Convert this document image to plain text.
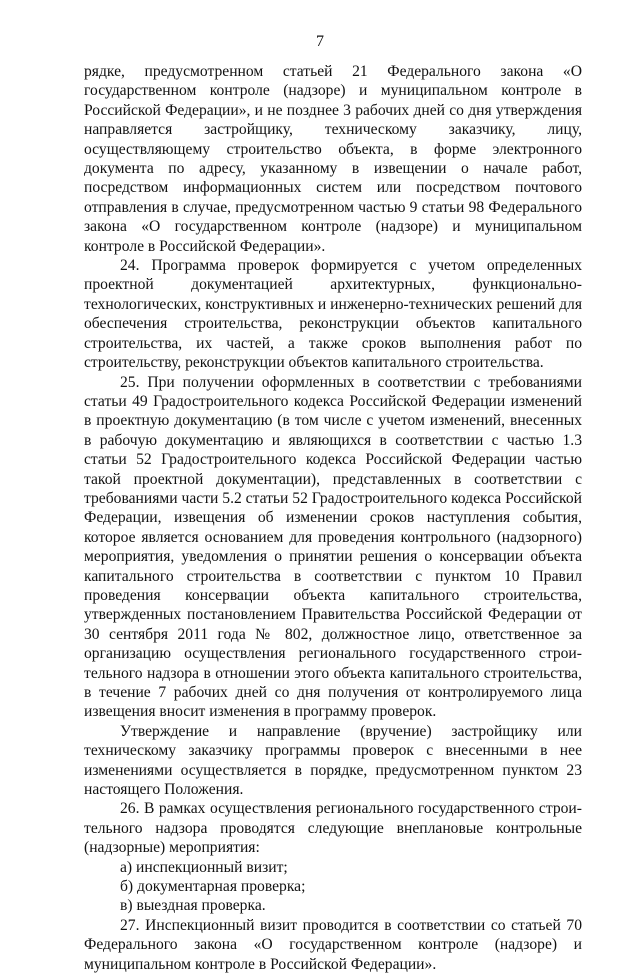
7

рядке, предусмотренном статьей 21 Федерального закона «О государственном контроле (надзоре) и муниципальном контроле в Российской Федерации», и не позднее 3 рабочих дней со дня утверждения направляется застройщику, техническому заказчику, лицу, осуществляющему строительство объекта, в форме электронного документа по адресу, указанному в извещении о начале работ, посредством информационных систем или посредством почтового отправления в случае, предусмотренном частью 9 статьи 98 Федерального закона «О государственном контроле (надзоре) и муниципальном контроле в Российской Федерации».

24. Программа проверок формируется с учетом определенных проектной документацией архитектурных, функционально-технологических, конструктивных и инженерно-технических решений для обеспечения строительства, реконструкции объектов капитального строительства, их частей, а также сроков выполнения работ по строительству, реконструкции объектов капитального строительства.

25. При получении оформленных в соответствии с требованиями статьи 49 Градостроительного кодекса Российской Федерации изменений в проектную документацию (в том числе с учетом изменений, внесенных в рабочую документацию и являющихся в соответствии с частью 1.3 статьи 52 Градостроительного кодекса Российской Федерации частью такой проектной документации), представленных в соответствии с требованиями части 5.2 статьи 52 Градостроительного кодекса Российской Федерации, извещения об изменении сроков наступления события, которое является основанием для проведения контрольного (надзорного) мероприятия, уведомления о принятии решения о консервации объекта капитального строительства в соответствии с пунктом 10 Правил проведения консервации объекта капитального строительства, утвержденных постановлением Правительства Российской Федерации от 30 сентября 2011 года № 802, должностное лицо, ответственное за организацию осуществления регионального государственного строительного надзора в отношении этого объекта капитального строительства, в течение 7 рабочих дней со дня получения от контролируемого лица извещения вносит изменения в программу проверок.

Утверждение и направление (вручение) застройщику или техническому заказчику программы проверок с внесенными в нее изменениями осуществляется в порядке, предусмотренном пунктом 23 настоящего Положения.

26. В рамках осуществления регионального государственного строительного надзора проводятся следующие внеплановые контрольные (надзорные) мероприятия:

а) инспекционный визит;

б) документарная проверка;

в) выездная проверка.

27. Инспекционный визит проводится в соответствии со статьей 70 Федерального закона «О государственном контроле (надзоре) и муниципальном контроле в Российской Федерации».
